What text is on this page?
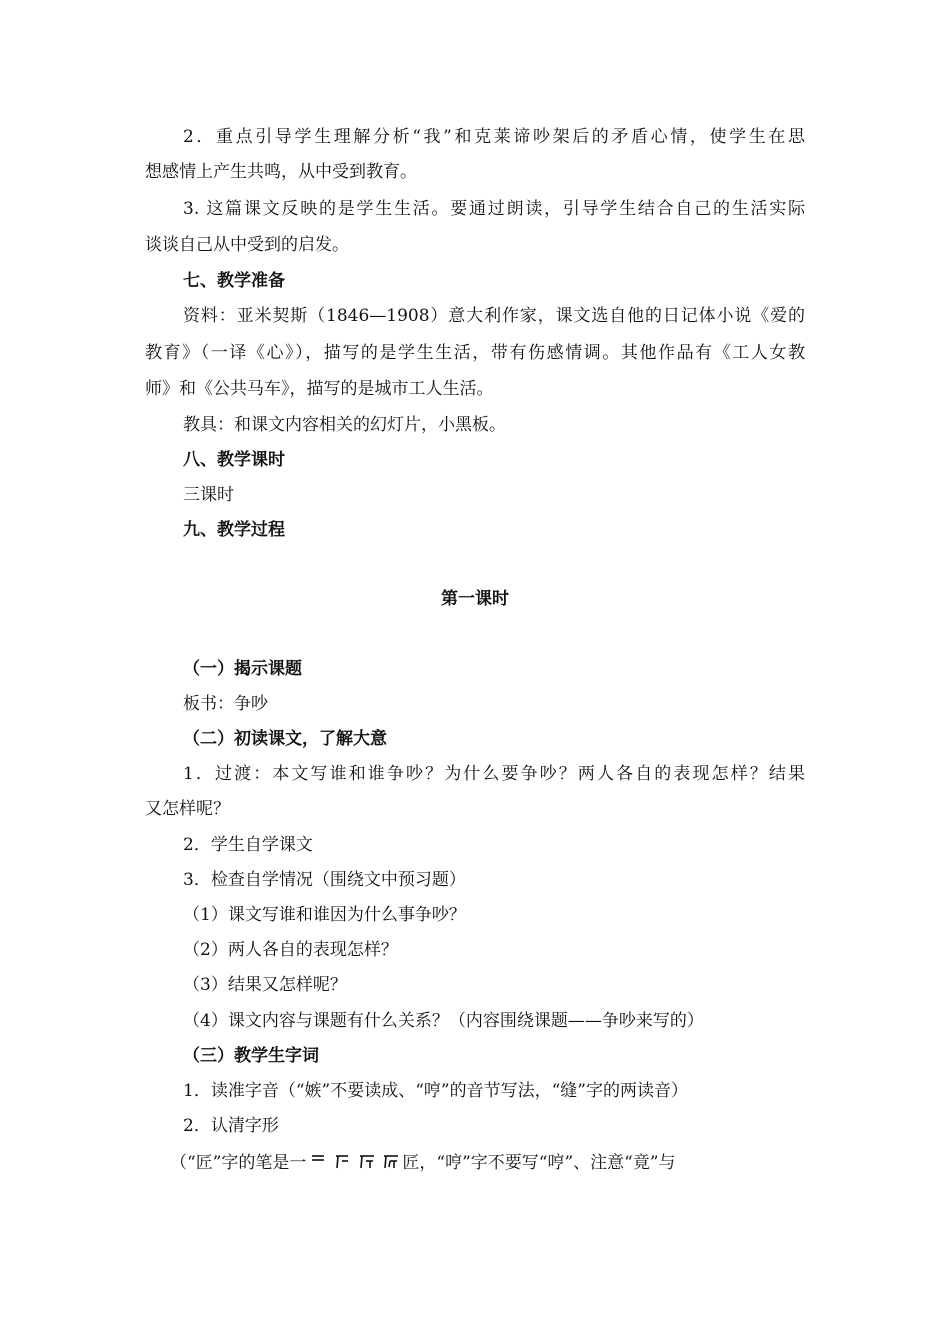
2．重点引导学生理解分析“我”和克莱谛吵架后的矛盾心情，使学生在思
想感情上产生共鸣，从中受到教育。
3. 这篇课文反映的是学生生活。要通过朗读，引导学生结合自己的生活实际
谈谈自己从中受到的启发。
七、教学准备
资料：亚米契斯（1846—1908）意大利作家，课文选自他的日记体小说《爱的
教育》（一译《心》），描写的是学生生活，带有伤感情调。其他作品有《工人女教
师》和《公共马车》，描写的是城市工人生活。
教具：和课文内容相关的幻灯片，小黑板。
八、教学课时
三课时
九、教学过程
第一课时
（一）揭示课题
板书：争吵
（二）初读课文，了解大意
1．过渡：本文写谁和谁争吵？为什么要争吵？两人各自的表现怎样？结果
又怎样呢？
2．学生自学课文
3．检查自学情况（围绕文中预习题）
（1）课文写谁和谁因为什么事争吵？
（2）两人各自的表现怎样？
（3）结果又怎样呢？
（4）课文内容与课题有什么关系？（内容围绕课题——争吵来写的）
（三）教学生字词
1．读准字音（“嫉”不要读成、“哼”的音节写法，“缝”字的两读音）
2．认清字形
（“匠”字的笔是一	匠，“哼”字不要写“哼”、注意“竟”与
